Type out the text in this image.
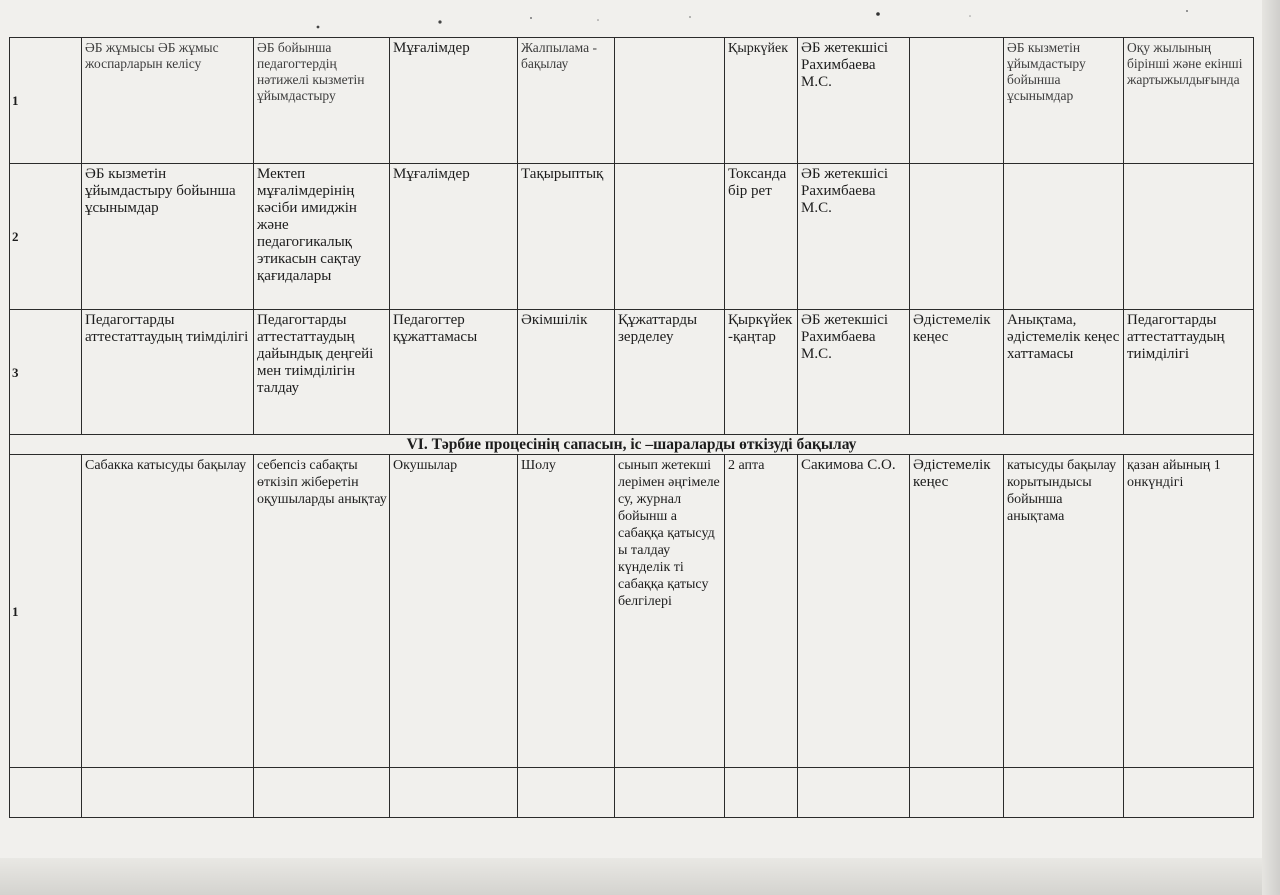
1	ӘБ жұмысы ӘБ жұмыс жоспарларын келісу	ӘБ бойынша педагогтердің нәтижелі кызметін ұйымдастыру	Мұғалімдер	Жалпылама - бақылау		Қыркүйек	ӘБ жетекшісі Рахимбаева М.С.		ӘБ кызметін ұйымдастыру бойынша ұсынымдар	Оқу жылының бірінші және екінші жартыжылдығында
2	ӘБ кызметін ұйымдастыру бойынша ұсынымдар	Мектеп мұғалімдерінің кәсіби имиджін және педагогикалық этикасын сақтау қағидалары	Мұғалімдер	Тақырыптық		Токсанда бір рет	ӘБ жетекшісі Рахимбаева М.С.			
3	Педагогтарды аттестаттаудың тиімділігі	Педагогтарды аттестаттаудың дайындық деңгейі мен тиімділігін талдау	Педагогтер құжаттамасы	Әкімшілік	Құжаттарды зерделеу	Қыркүйек-қаңтар	ӘБ жетекшісі Рахимбаева М.С.	Әдістемелік кеңес	Анықтама, әдістемелік кеңес хаттамасы	Педагогтарды аттестаттаудың тиімділігі
VI. Тәрбие процесінің сапасын, іс –шараларды өткізуді бақылау										
1	Сабакка катысуды бақылау	себепсіз сабақты өткізіп жіберетін оқушыларды анықтау	Окушылар	Шолу	сынып жетекші лерімен әңгімеле су, журнал бойынш а сабаққа қатысуд ы талдау күнделік ті сабаққа қатысу белгілері	2 апта	Сакимова С.О.	Әдістемелік кеңес	катысуды бақылау корытындысы бойынша анықтама	қазан айының 1 онкүндігі
